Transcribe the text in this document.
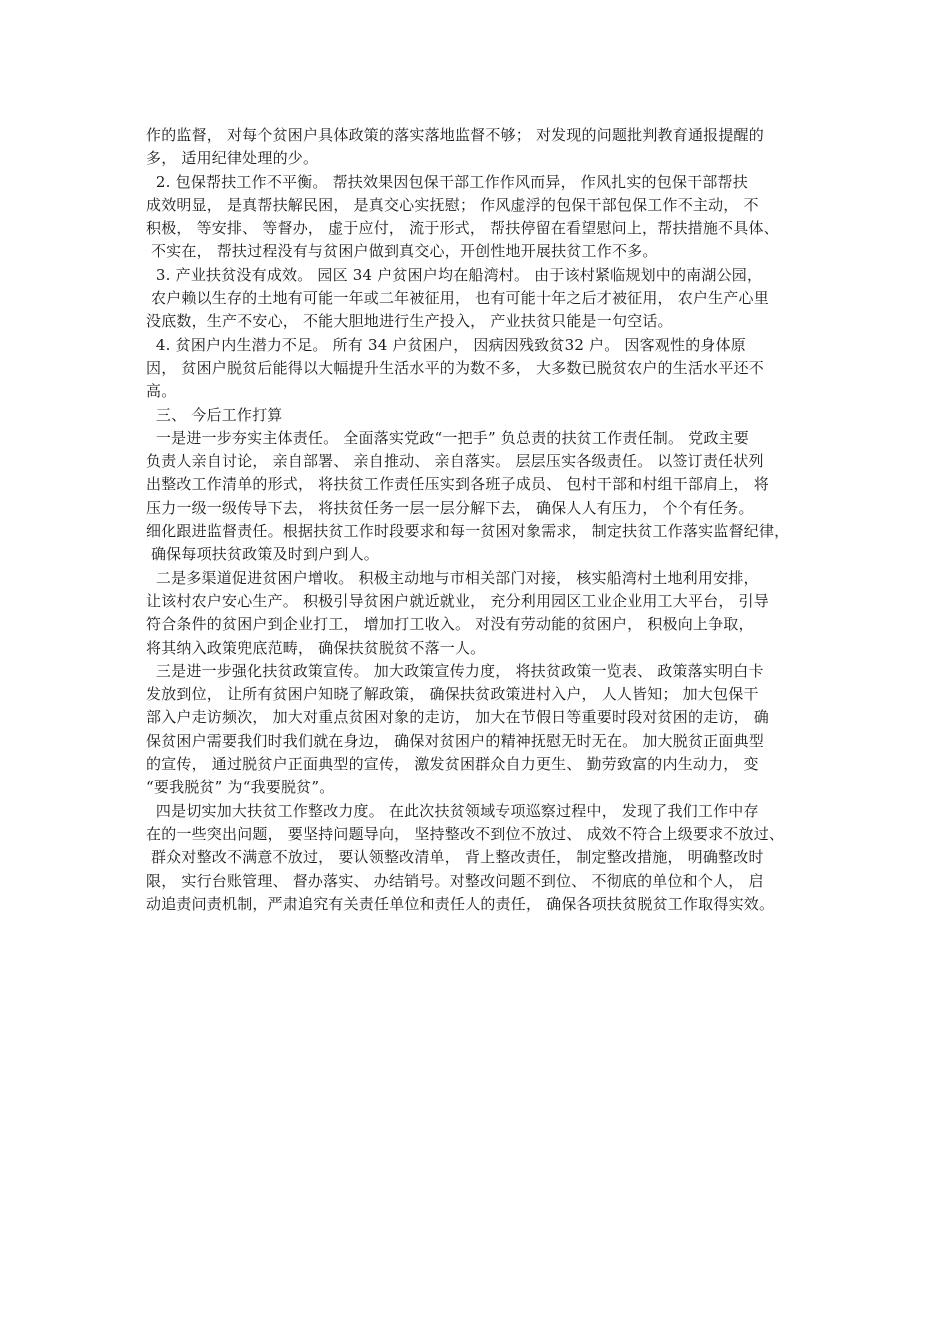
作的监督， 对每个贫困户具体政策的落实落地监督不够； 对发现的问题批判教育通报提醒的
多， 适用纪律处理的少。
2. 包保帮扶工作不平衡。 帮扶效果因包保干部工作作风而异， 作风扎实的包保干部帮扶
成效明显， 是真帮扶解民困， 是真交心实抚慰； 作风虚浮的包保干部包保工作不主动， 不
积极， 等安排、 等督办， 虚于应付， 流于形式， 帮扶停留在看望慰问上，帮扶措施不具体、
不实在， 帮扶过程没有与贫困户做到真交心，开创性地开展扶贫工作不多。
3. 产业扶贫没有成效。 园区 34 户贫困户均在船湾村。 由于该村紧临规划中的南湖公园，
农户赖以生存的土地有可能一年或二年被征用， 也有可能十年之后才被征用， 农户生产心里
没底数，生产不安心， 不能大胆地进行生产投入， 产业扶贫只能是一句空话。
4. 贫困户内生潜力不足。 所有 34 户贫困户， 因病因残致贫32 户。 因客观性的身体原
因， 贫困户脱贫后能得以大幅提升生活水平的为数不多， 大多数已脱贫农户的生活水平还不
高。
三、 今后工作打算
一是进一步夯实主体责任。 全面落实党政“一把手” 负总责的扶贫工作责任制。 党政主要
负责人亲自讨论， 亲自部署、 亲自推动、 亲自落实。 层层压实各级责任。 以签订责任状列
出整改工作清单的形式， 将扶贫工作责任压实到各班子成员、 包村干部和村组干部肩上， 将
压力一级一级传导下去， 将扶贫任务一层一层分解下去， 确保人人有压力， 个个有任务。
细化跟进监督责任。根据扶贫工作时段要求和每一贫困对象需求， 制定扶贫工作落实监督纪律，
确保每项扶贫政策及时到户到人。
二是多渠道促进贫困户增收。 积极主动地与市相关部门对接， 核实船湾村土地利用安排，
让该村农户安心生产。 积极引导贫困户就近就业， 充分利用园区工业企业用工大平台， 引导
符合条件的贫困户到企业打工， 增加打工收入。 对没有劳动能的贫困户， 积极向上争取，
将其纳入政策兜底范畴， 确保扶贫脱贫不落一人。
三是进一步强化扶贫政策宣传。 加大政策宣传力度， 将扶贫政策一览表、 政策落实明白卡
发放到位， 让所有贫困户知晓了解政策， 确保扶贫政策进村入户， 人人皆知； 加大包保干
部入户走访频次， 加大对重点贫困对象的走访， 加大在节假日等重要时段对贫困的走访， 确
保贫困户需要我们时我们就在身边， 确保对贫困户的精神抚慰无时无在。 加大脱贫正面典型
的宣传， 通过脱贫户正面典型的宣传， 激发贫困群众自力更生、 勤劳致富的内生动力， 变
“要我脱贫” 为“我要脱贫”。
四是切实加大扶贫工作整改力度。 在此次扶贫领域专项巡察过程中， 发现了我们工作中存
在的一些突出问题， 要坚持问题导向， 坚持整改不到位不放过、 成效不符合上级要求不放过、
群众对整改不满意不放过， 要认领整改清单， 背上整改责任， 制定整改措施， 明确整改时
限， 实行台账管理、 督办落实、 办结销号。对整改问题不到位、 不彻底的单位和个人， 启
动追责问责机制，严肃追究有关责任单位和责任人的责任， 确保各项扶贫脱贫工作取得实效。
